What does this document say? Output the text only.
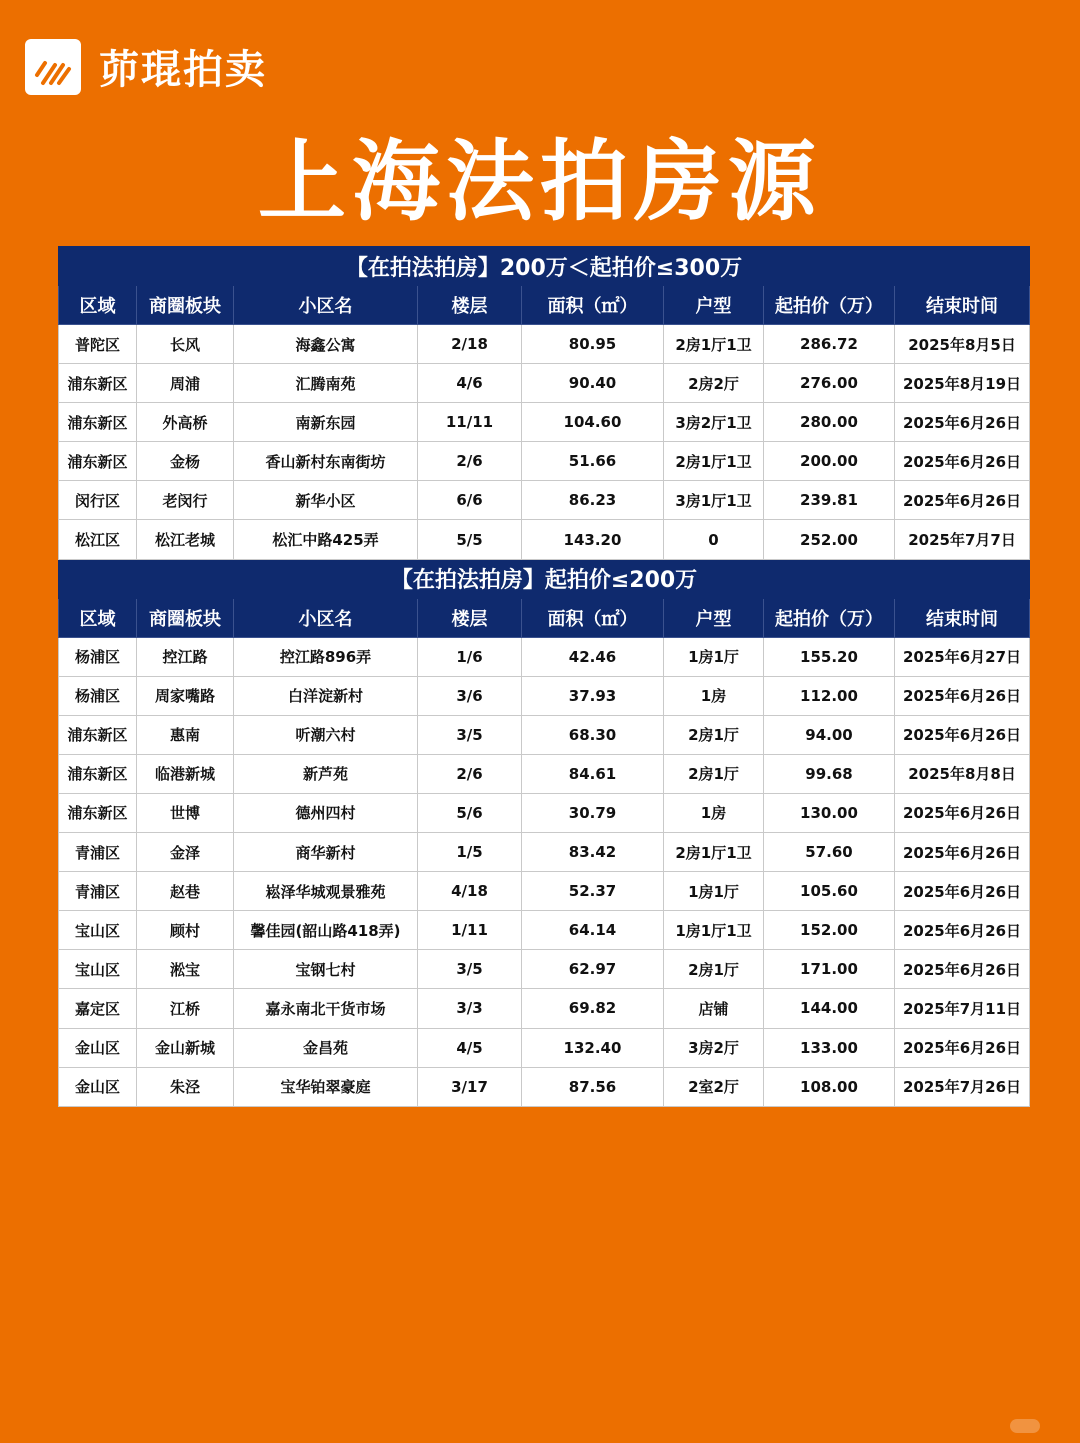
茆琨拍卖
上海法拍房源
【在拍法拍房】200万＜起拍价≤300万							
区域	商圈板块	小区名	楼层	面积（㎡）	户型	起拍价（万）	结束时间
普陀区	长风	海鑫公寓	2/18	80.95	2房1厅1卫	286.72	2025年8月5日
浦东新区	周浦	汇腾南苑	4/6	90.40	2房2厅	276.00	2025年8月19日
浦东新区	外高桥	南新东园	11/11	104.60	3房2厅1卫	280.00	2025年6月26日
浦东新区	金杨	香山新村东南街坊	2/6	51.66	2房1厅1卫	200.00	2025年6月26日
闵行区	老闵行	新华小区	6/6	86.23	3房1厅1卫	239.81	2025年6月26日
松江区	松江老城	松汇中路425弄	5/5	143.20	0	252.00	2025年7月7日
【在拍法拍房】起拍价≤200万							
区域	商圈板块	小区名	楼层	面积（㎡）	户型	起拍价（万）	结束时间
杨浦区	控江路	控江路896弄	1/6	42.46	1房1厅	155.20	2025年6月27日
杨浦区	周家嘴路	白洋淀新村	3/6	37.93	1房	112.00	2025年6月26日
浦东新区	惠南	听潮六村	3/5	68.30	2房1厅	94.00	2025年6月26日
浦东新区	临港新城	新芦苑	2/6	84.61	2房1厅	99.68	2025年8月8日
浦东新区	世博	德州四村	5/6	30.79	1房	130.00	2025年6月26日
青浦区	金泽	商华新村	1/5	83.42	2房1厅1卫	57.60	2025年6月26日
青浦区	赵巷	崧泽华城观景雅苑	4/18	52.37	1房1厅	105.60	2025年6月26日
宝山区	顾村	馨佳园(韶山路418弄)	1/11	64.14	1房1厅1卫	152.00	2025年6月26日
宝山区	淞宝	宝钢七村	3/5	62.97	2房1厅	171.00	2025年6月26日
嘉定区	江桥	嘉永南北干货市场	3/3	69.82	店铺	144.00	2025年7月11日
金山区	金山新城	金昌苑	4/5	132.40	3房2厅	133.00	2025年6月26日
金山区	朱泾	宝华铂翠豪庭	3/17	87.56	2室2厅	108.00	2025年7月26日
